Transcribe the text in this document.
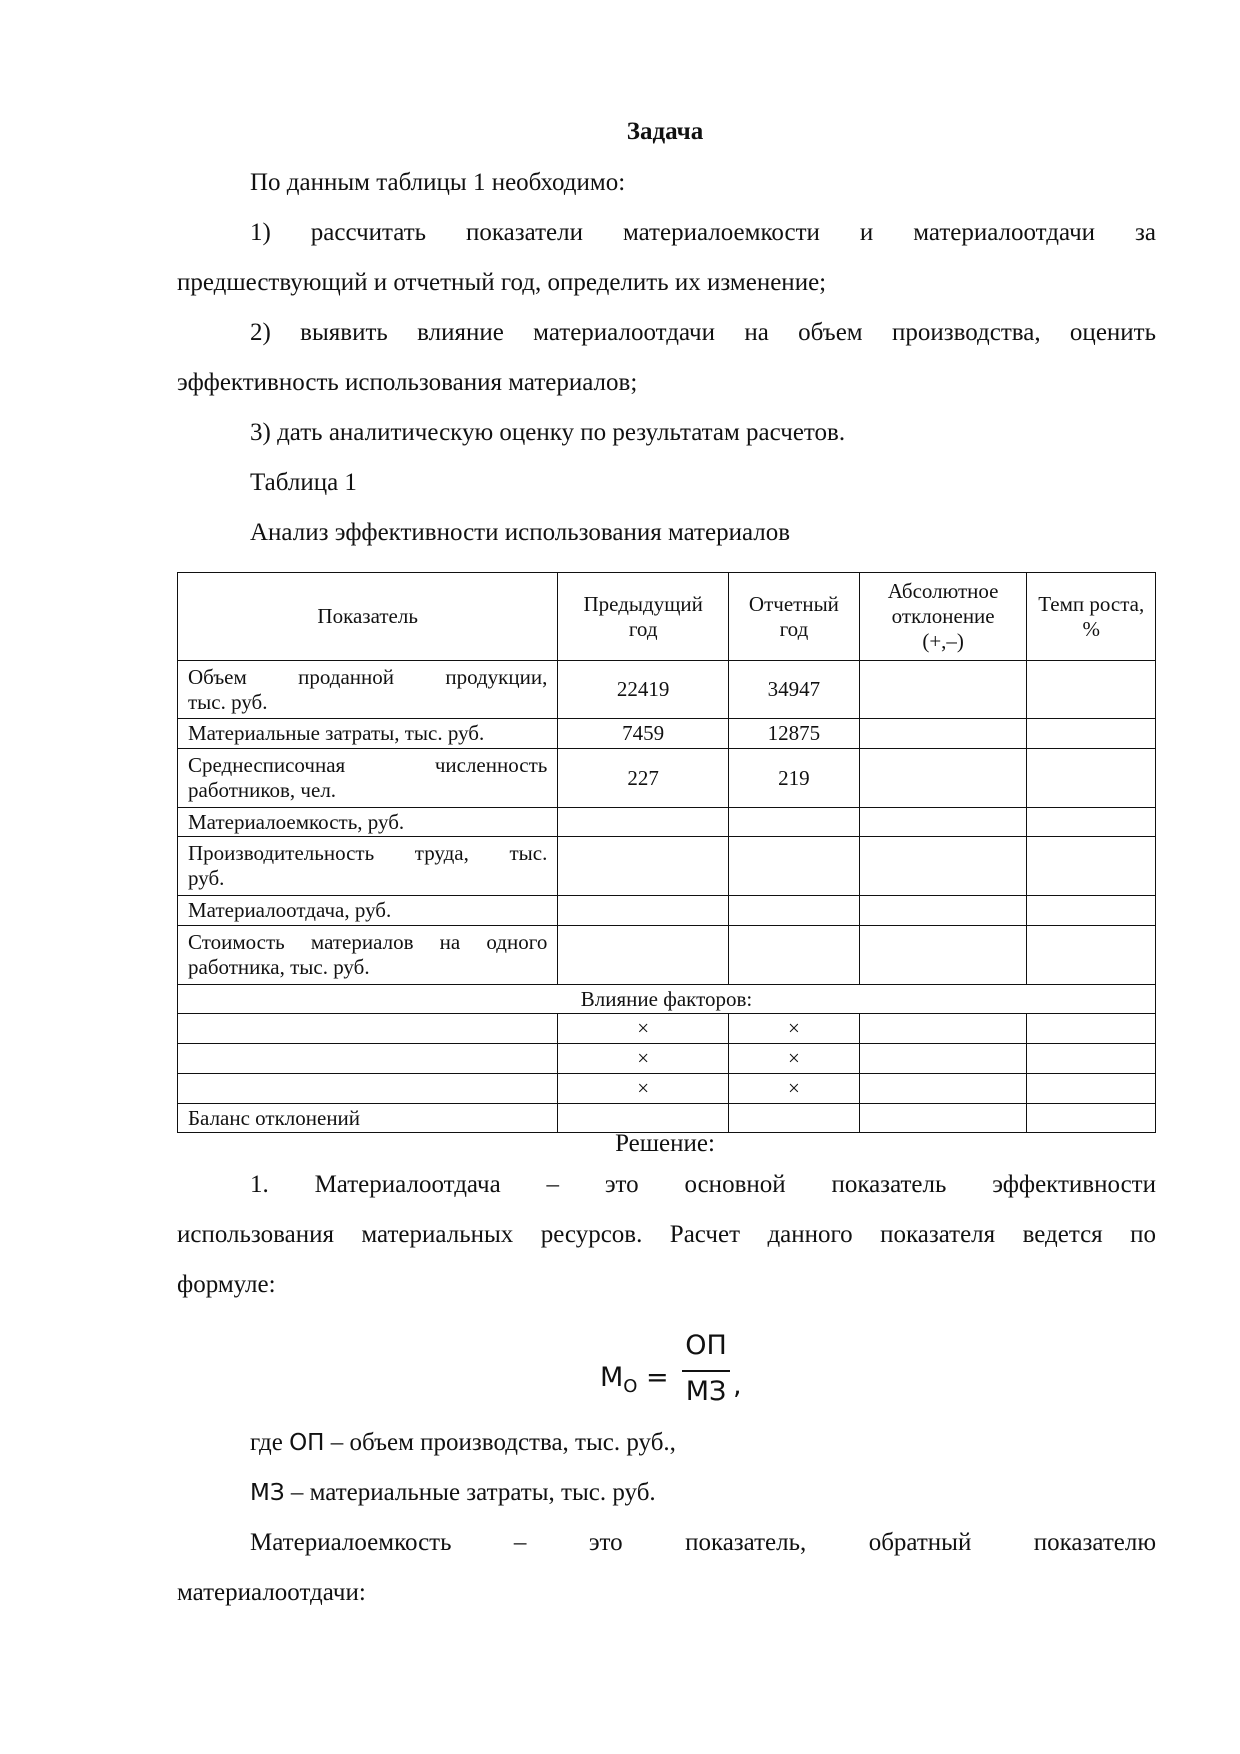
Задача

По данным таблицы 1 необходимо:

1) рассчитать показатели материалоемкости и материалоотдачи за

предшествующий и отчетный год, определить их изменение;

2) выявить влияние материалоотдачи на объем производства, оценить

эффективность использования материалов;

3) дать аналитическую оценку по результатам расчетов.

Таблица 1

Анализ эффективности использования материалов

Показатель	Предыдущий год	Отчетный год	Абсолютное отклонение (+,–)	Темп роста, %

Объем проданной продукции,
тыс. руб.	22419	34947		
Материальные затраты, тыс. руб.	7459	12875		

Среднесписочная численность
работников, чел.	227	219		
Материалоемкость, руб.				

Производительность труда, тыс.
руб.				
Материалоотдача, руб.				

Стоимость материалов на одного
работника, тыс. руб.				
Влияние факторов:				
	×	×		
	×	×		
	×	×		
Баланс отклонений				
Решение:

1. Материалоотдача – это основной показатель эффективности

использования материальных ресурсов. Расчет данного показателя ведется по

формуле:

$М_О$ =
ОП
МЗ ,

где ОП – объем производства, тыс. руб.,

МЗ – материальные затраты, тыс. руб.

Материалоемкость – это показатель, обратный показателю

материалоотдачи:
